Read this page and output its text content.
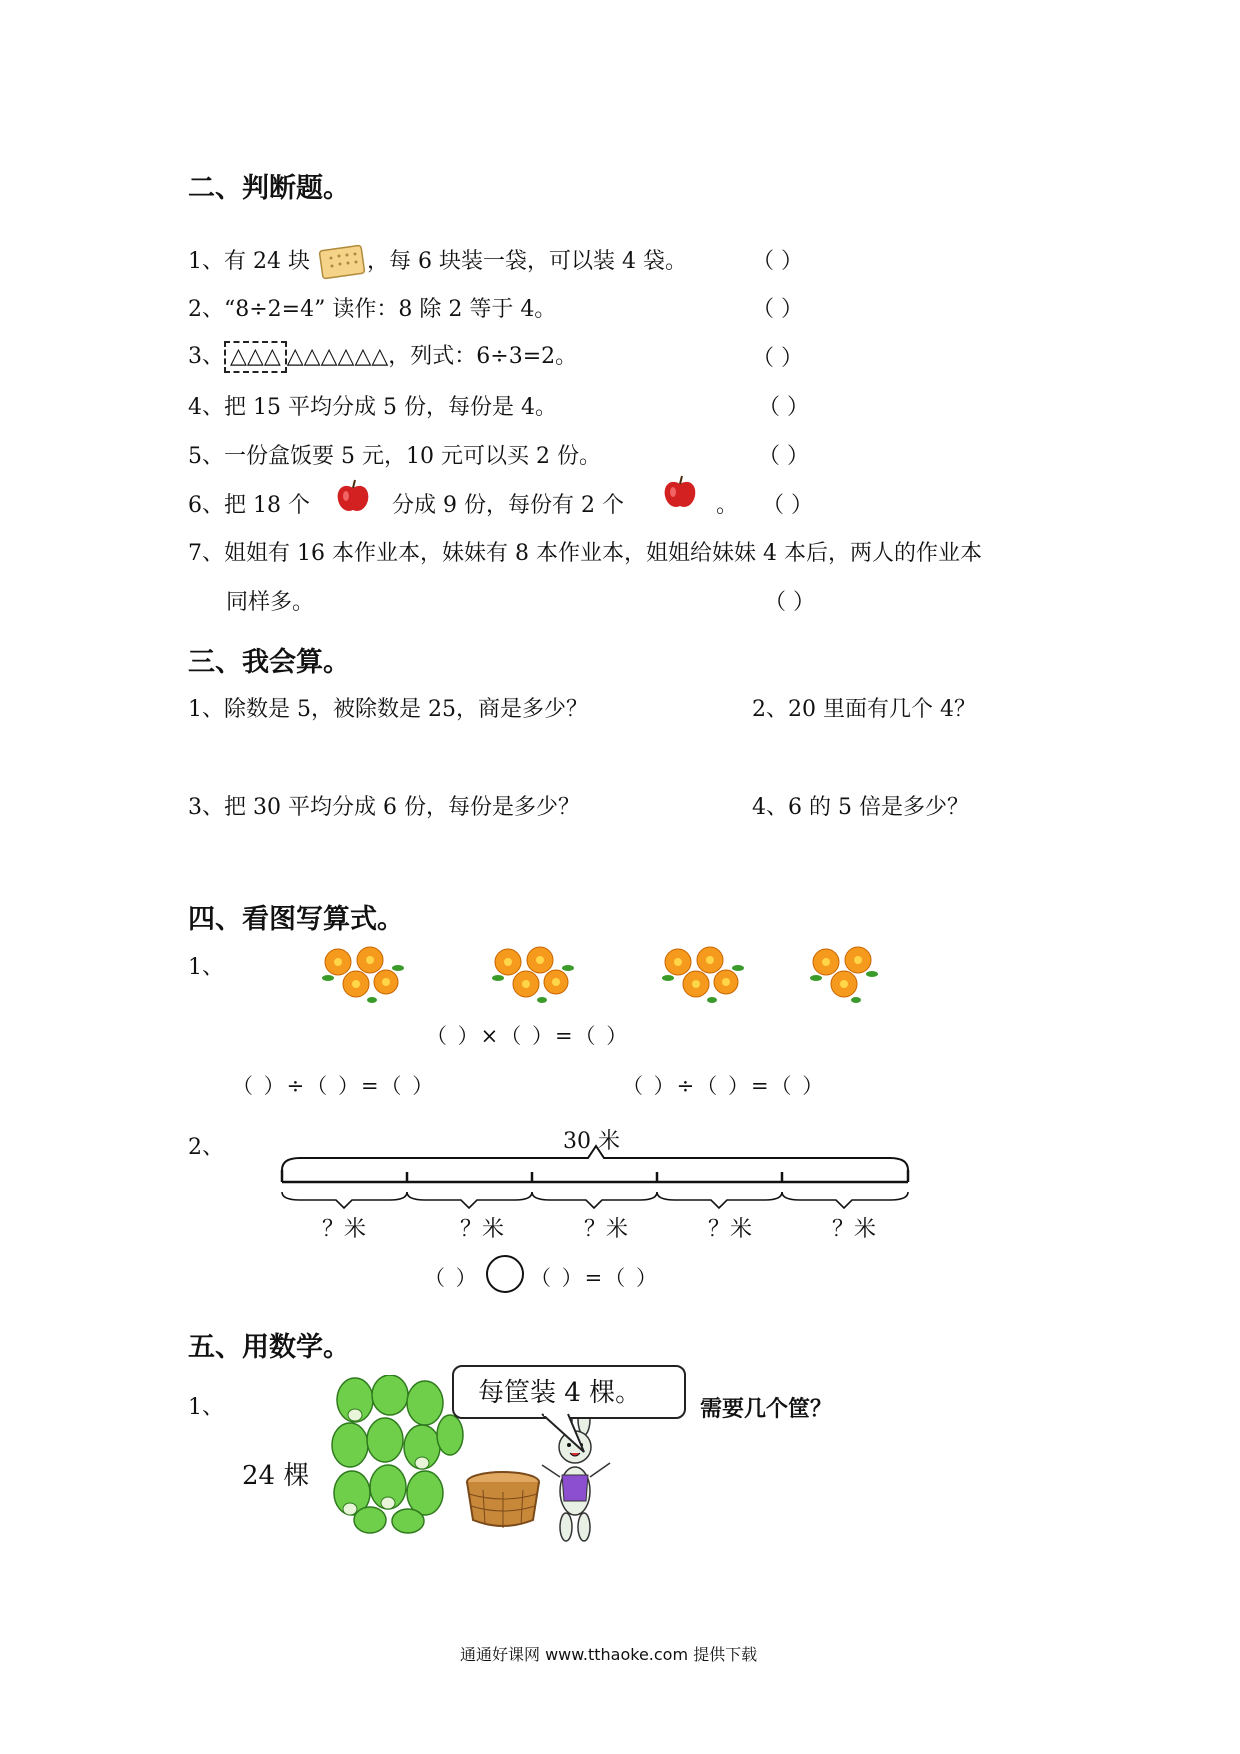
二、判断题。
1、有 24 块	，每 6 块装一袋，可以装 4 袋。	（ ）
2、“8÷2=4” 读作：8 除 2 等于 4。	（ ）
3、 △△△ △△△△△△，列式：6÷3=2。	（ ）
4、把 15 平均分成 5 份，每份是 4。	（ ）
5、一份盒饭要 5 元，10 元可以买 2 份。	（ ）
6、把 18 个	分成 9 份，每份有 2 个	。 （ ）
7、姐姐有 16 本作业本，妹妹有 8 本作业本，姐姐给妹妹 4 本后，两人的作业本
同样多。	（ ）
三、我会算。
1、除数是 5，被除数是 25，商是多少？	2、20 里面有几个 4？
3、把 30 平均分成 6 份，每份是多少？	4、6 的 5 倍是多少？
四、看图写算式。
1、
（ ）×（ ）=（ ）
（ ）÷（ ）=（ ）	（ ）÷（ ）=（ ）
2、	30 米
？米	？米	？米	？米	？米
（ ） （ ）=（ ）
五、用数学。
1、
24 棵
每筐装 4 棵。
需要几个筐？
通通好课网 www.tthaoke.com 提供下载
